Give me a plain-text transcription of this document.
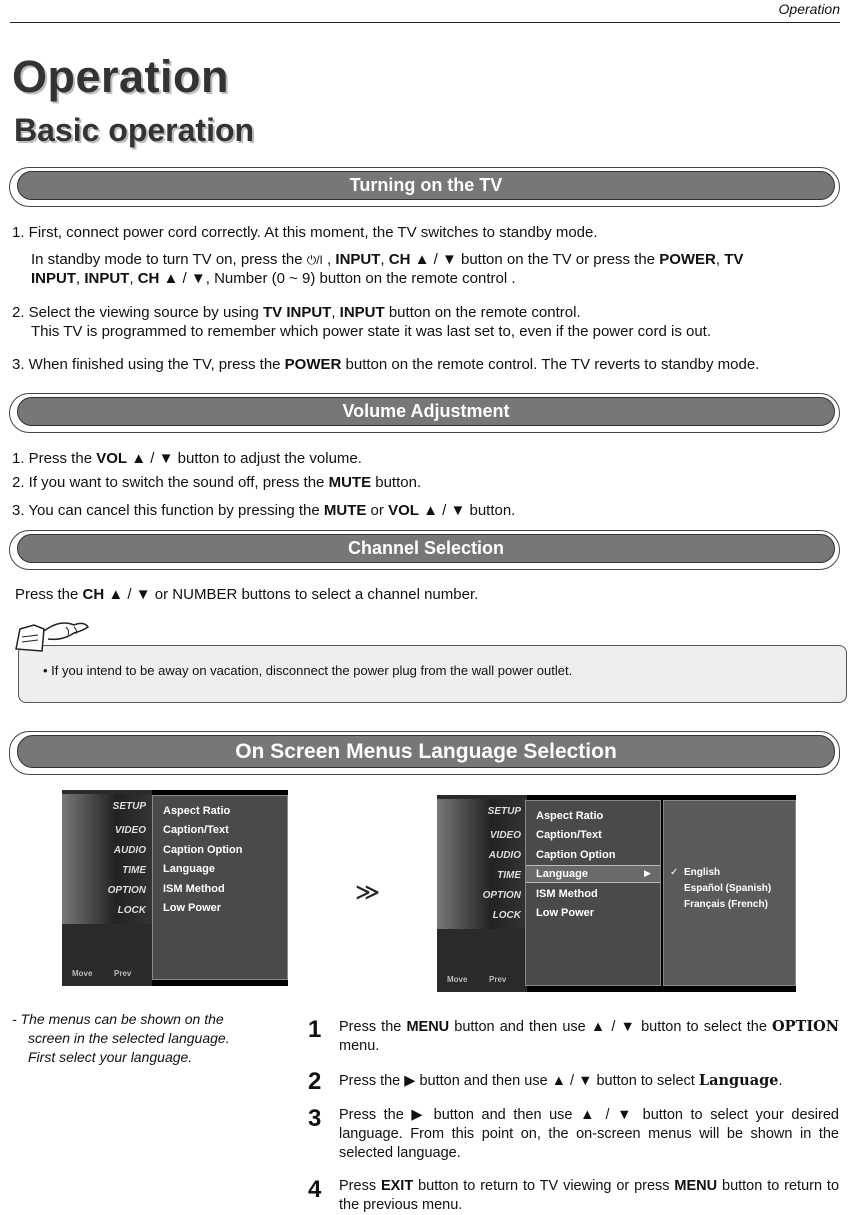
Operation
Operation
Basic operation
Turning on the TV
1. First, connect power cord correctly. At this moment, the TV switches to standby mode.
In standby mode to turn TV on, press the ⏻/I , INPUT, CH ▲ / ▼ button on the TV or press the POWER, TV
INPUT, INPUT, CH ▲ / ▼, Number (0 ~ 9) button on the remote control .
2. Select the viewing source by using TV INPUT, INPUT button on the remote control.
This TV is programmed to remember which power state it was last set to, even if the power cord is out.
3. When finished using the TV, press the POWER button on the remote control. The TV reverts to standby mode.
Volume Adjustment
1. Press the VOL ▲ / ▼ button to adjust the volume.
2. If you want to switch the sound off, press the MUTE button.
3. You can cancel this function by pressing the MUTE or VOL ▲ / ▼ button.
Channel Selection
Press the CH ▲ / ▼ or NUMBER buttons to select a channel number.
• If you intend to be away on vacation, disconnect the power plug from the wall power outlet.
On Screen Menus Language Selection
SETUP
VIDEO
AUDIO
TIME
OPTION
LOCK
Aspect Ratio
Caption/Text
Caption Option
Language
ISM Method
Low Power
Move	Prev
≫
SETUP
VIDEO
AUDIO
TIME
OPTION
LOCK
Aspect Ratio
Caption/Text
Caption Option
Language	▶
ISM Method
Low Power
✓ English
Español (Spanish)
Français (French)
Move	Prev
- The menus can be shown on the
screen in the selected language.
First select your language.
1 Press the MENU button and then use ▲ / ▼ button to select the OPTION menu.
2 Press the ▶ button and then use ▲ / ▼ button to select Language.
3 Press the ▶ button and then use ▲ / ▼ button to select your desired language. From this point on, the on-screen menus will be shown in the selected language.
4 Press EXIT button to return to TV viewing or press MENU button to return to the previous menu.
